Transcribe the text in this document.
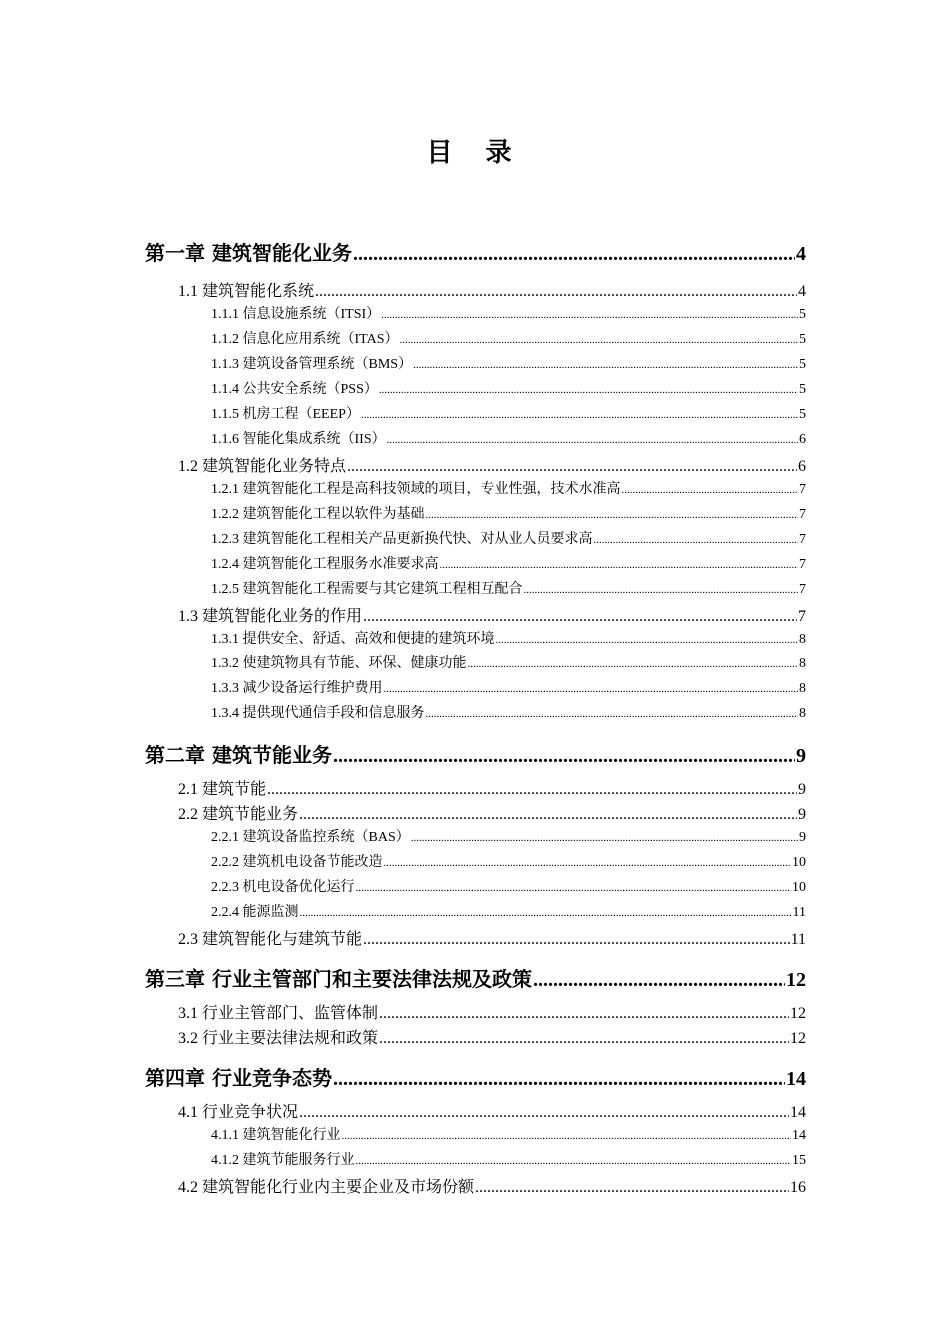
目 录
第一章 建筑智能化业务 .....	4
1.1 建筑智能化系统 .....	4
1.1.1 信息设施系统（ITSI） .....	5
1.1.2 信息化应用系统（ITAS） .....	5
1.1.3 建筑设备管理系统（BMS） .....	5
1.1.4 公共安全系统（PSS） .....	5
1.1.5 机房工程（EEEP） .....	5
1.1.6 智能化集成系统（IIS） .....	6
1.2 建筑智能化业务特点 .....	6
1.2.1 建筑智能化工程是高科技领域的项目，专业性强，技术水准高 .....	7
1.2.2 建筑智能化工程以软件为基础 .....	7
1.2.3 建筑智能化工程相关产品更新换代快、对从业人员要求高 .....	7
1.2.4 建筑智能化工程服务水准要求高 .....	7
1.2.5 建筑智能化工程需要与其它建筑工程相互配合 .....	7
1.3 建筑智能化业务的作用 .....	7
1.3.1 提供安全、舒适、高效和便捷的建筑环境 .....	8
1.3.2 使建筑物具有节能、环保、健康功能 .....	8
1.3.3 减少设备运行维护费用 .....	8
1.3.4 提供现代通信手段和信息服务 .....	8
第二章 建筑节能业务 .....	9
2.1 建筑节能 .....	9
2.2 建筑节能业务 .....	9
2.2.1 建筑设备监控系统（BAS） .....	9
2.2.2 建筑机电设备节能改造 .....	10
2.2.3 机电设备优化运行 .....	10
2.2.4 能源监测 .....	11
2.3 建筑智能化与建筑节能 .....	11
第三章 行业主管部门和主要法律法规及政策 .....	12
3.1 行业主管部门、监管体制 .....	12
3.2 行业主要法律法规和政策 .....	12
第四章 行业竞争态势 .....	14
4.1 行业竞争状况 .....	14
4.1.1 建筑智能化行业 .....	14
4.1.2 建筑节能服务行业 .....	15
4.2 建筑智能化行业内主要企业及市场份额 .....	16
